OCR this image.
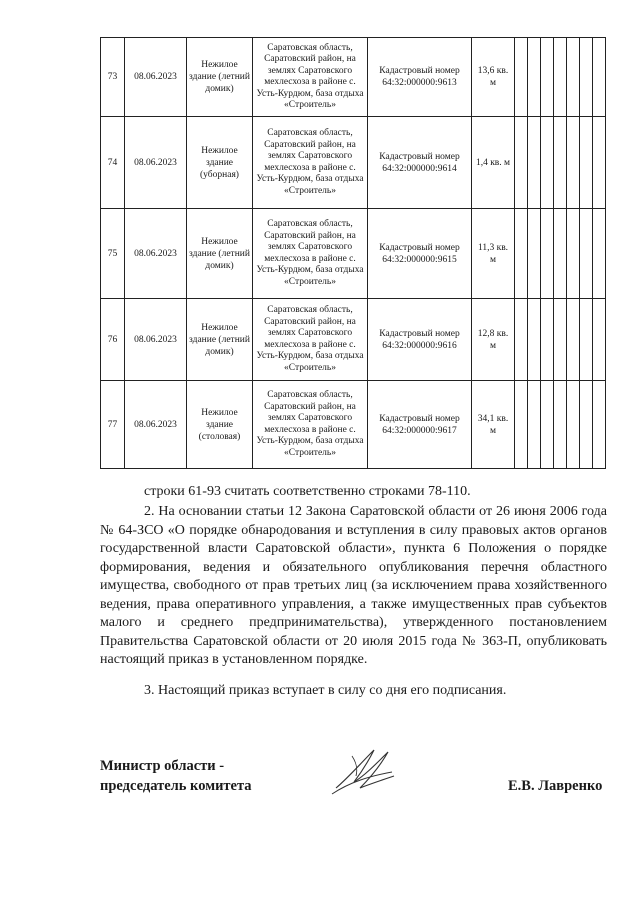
73	08.06.2023	Нежилое здание (летний домик)	Саратовская область, Саратовский район, на землях Саратовского мехлесхоза в районе с. Усть-Курдюм, база отдыха «Строитель»	Кадастровый номер 64:32:000000:9613	13,6 кв. м							
74	08.06.2023	Нежилое здание (уборная)	Саратовская область, Саратовский район, на землях Саратовского мехлесхоза в районе с. Усть-Курдюм, база отдыха «Строитель»	Кадастровый номер 64:32:000000:9614	1,4 кв. м							
75	08.06.2023	Нежилое здание (летний домик)	Саратовская область, Саратовский район, на землях Саратовского мехлесхоза в районе с. Усть-Курдюм, база отдыха «Строитель»	Кадастровый номер 64:32:000000:9615	11,3 кв. м							
76	08.06.2023	Нежилое здание (летний домик)	Саратовская область, Саратовский район, на землях Саратовского мехлесхоза в районе с. Усть-Курдюм, база отдыха «Строитель»	Кадастровый номер 64:32:000000:9616	12,8 кв. м							
77	08.06.2023	Нежилое здание (столовая)	Саратовская область, Саратовский район, на землях Саратовского мехлесхоза в районе с. Усть-Курдюм, база отдыха «Строитель»	Кадастровый номер 64:32:000000:9617	34,1 кв. м							

строки 61-93 считать соответственно строками 78-110.

2. На основании статьи 12 Закона Саратовской области от 26 июня 2006 года № 64-ЗСО «О порядке обнародования и вступления в силу правовых актов органов государственной власти Саратовской области», пункта 6 Положения о порядке формирования, ведения и обязательного опубликования перечня областного имущества, свободного от прав третьих лиц (за исключением права хозяйственного ведения, права оперативного управления, а также имущественных прав субъектов малого и среднего предпринимательства), утвержденного постановлением Правительства Саратовской области от 20 июля 2015 года № 363-П, опубликовать настоящий приказ в установленном порядке.

3. Настоящий приказ вступает в силу со дня его подписания.

Министр области -
председатель комитета	Е.В. Лавренко
